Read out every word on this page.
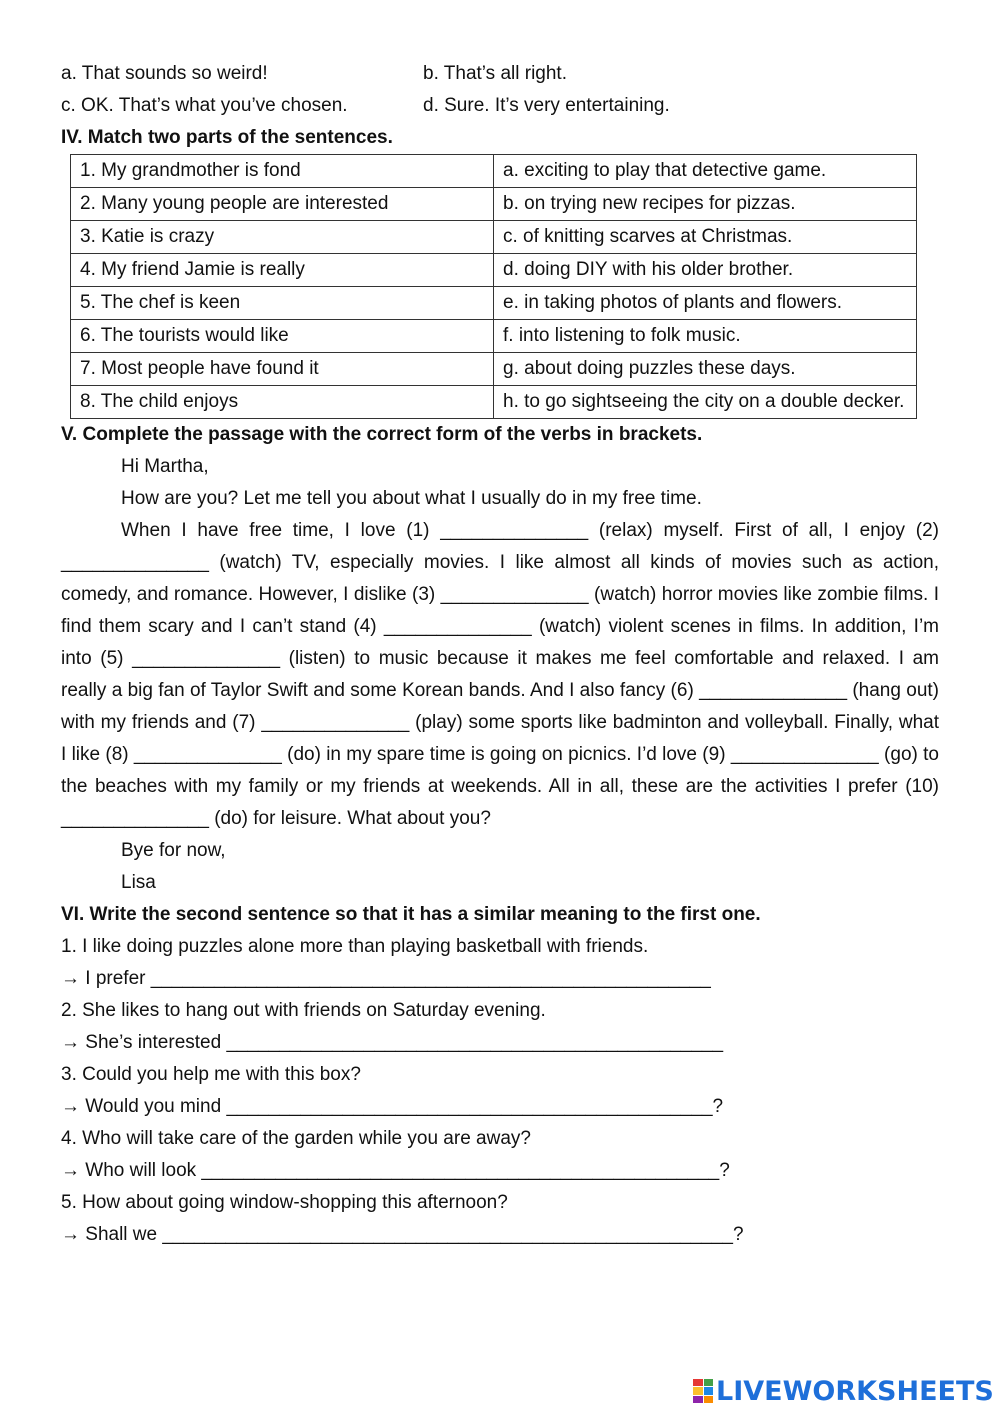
a. That sounds so weird!	b. That’s all right.
c. OK. That’s what you’ve chosen.	d. Sure. It’s very entertaining.
IV. Match two parts of the sentences.
1. My grandmother is fond	a. exciting to play that detective game.
2. Many young people are interested	b. on trying new recipes for pizzas.
3. Katie is crazy	c. of knitting scarves at Christmas.
4. My friend Jamie is really	d. doing DIY with his older brother.
5. The chef is keen	e. in taking photos of plants and flowers.
6. The tourists would like	f. into listening to folk music.
7. Most people have found it	g. about doing puzzles these days.
8. The child enjoys	h. to go sightseeing the city on a double decker.
V. Complete the passage with the correct form of the verbs in brackets.
Hi Martha,
How are you? Let me tell you about what I usually do in my free time.
When I have free time, I love (1) ______________ (relax) myself. First of all, I enjoy (2) ______________ (watch) TV, especially movies. I like almost all kinds of movies such as action, comedy, and romance. However, I dislike (3) ______________ (watch) horror movies like zombie films. I find them scary and I can’t stand (4) ______________ (watch) violent scenes in films. In addition, I’m into (5) ______________ (listen) to music because it makes me feel comfortable and relaxed. I am really a big fan of Taylor Swift and some Korean bands. And I also fancy (6) ______________ (hang out) with my friends and (7) ______________ (play) some sports like badminton and volleyball. Finally, what I like (8) ______________ (do) in my spare time is going on picnics. I’d love (9) ______________ (go) to the beaches with my family or my friends at weekends. All in all, these are the activities I prefer (10) ______________ (do) for leisure. What about you?
Bye for now,
Lisa
VI. Write the second sentence so that it has a similar meaning to the first one.
1. I like doing puzzles alone more than playing basketball with friends.
→ I prefer _____________________________________________________
2. She likes to hang out with friends on Saturday evening.
→ She’s interested _______________________________________________
3. Could you help me with this box?
→ Would you mind ______________________________________________?
4. Who will take care of the garden while you are away?
→ Who will look _________________________________________________?
5. How about going window-shopping this afternoon?
→ Shall we ______________________________________________________?
LIVEWORKSHEETS
